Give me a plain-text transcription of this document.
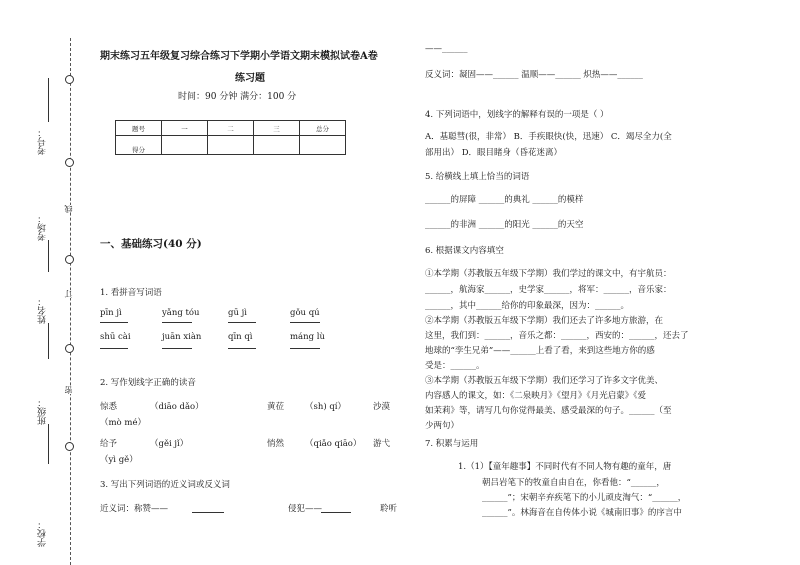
考号：
考场：
姓名：
班级：
学校：
线
订
密
期末练习五年级复习综合练习下学期小学语文期末模拟试卷A卷
练习题
时间：90 分钟 满分：100 分
题号	一	二	三	总分
得分				
一、基础练习(40 分)
1. 看拼音写词语
pīn jì	yǎng tóu	gū jì	gǒu qú
shū cài	juān xiàn	qīn qì	máng lù
2. 写作划线字正确的读音
惊悉	（diāo dǎo）	黄莅 （sh) qí）	沙漠
（mò mé）
给予	（gěi jǐ）	悄然 （qiǎo qiāo） 游弋
（yì gě）
3. 写出下列词语的近义词或反义词
近义词：称赞——	侵犯——	聆听
——______
反义词：凝固——______ 温顺——______ 炽热——______
4. 下列词语中，划线字的解释有误的一项是（ ）
A．基聪彗(很，非常） B．手疾眼快(快，迅速） C．竭尽全力(全
部用出） D．眼目睹身（昏花迷离）
5. 给横线上填上恰当的词语
______的屏障 ______的典礼 ______的模样
______的非洲 ______的阳光 ______的天空
6. 根据课文内容填空
①本学期（苏教版五年级下学期）我们学过的课文中，有宇航员：
______，航海家______，史学家______，将军：______，音乐家：
______，其中______给你的印象最深，因为：______。
②本学期（苏教版五年级下学期）我们还去了许多地方旅游，在
这里，我们到：______，音乐之都：______，西安的：______，还去了
地球的“孪生兄弟”——______上看了看，来到这些地方你的感
受是：______。
③本学期（苏教版五年级下学期）我们还学习了许多文字优美、
内容感人的课文，如：《二泉映月》《望月》《月光启蒙》《爱
如茉莉》等，请写几句你觉得最美、感受最深的句子。______（至
少两句）
7. 积累与运用
1.（1）【童年趣事】不同时代有不同人物有趣的童年，唐
朝吕岩笔下的牧童自由自在，你看他：“______，
______”；宋朝辛弃疾笔下的小儿顽皮淘气：“______，
______”。林海音在自传体小说《城南旧事》的序言中
